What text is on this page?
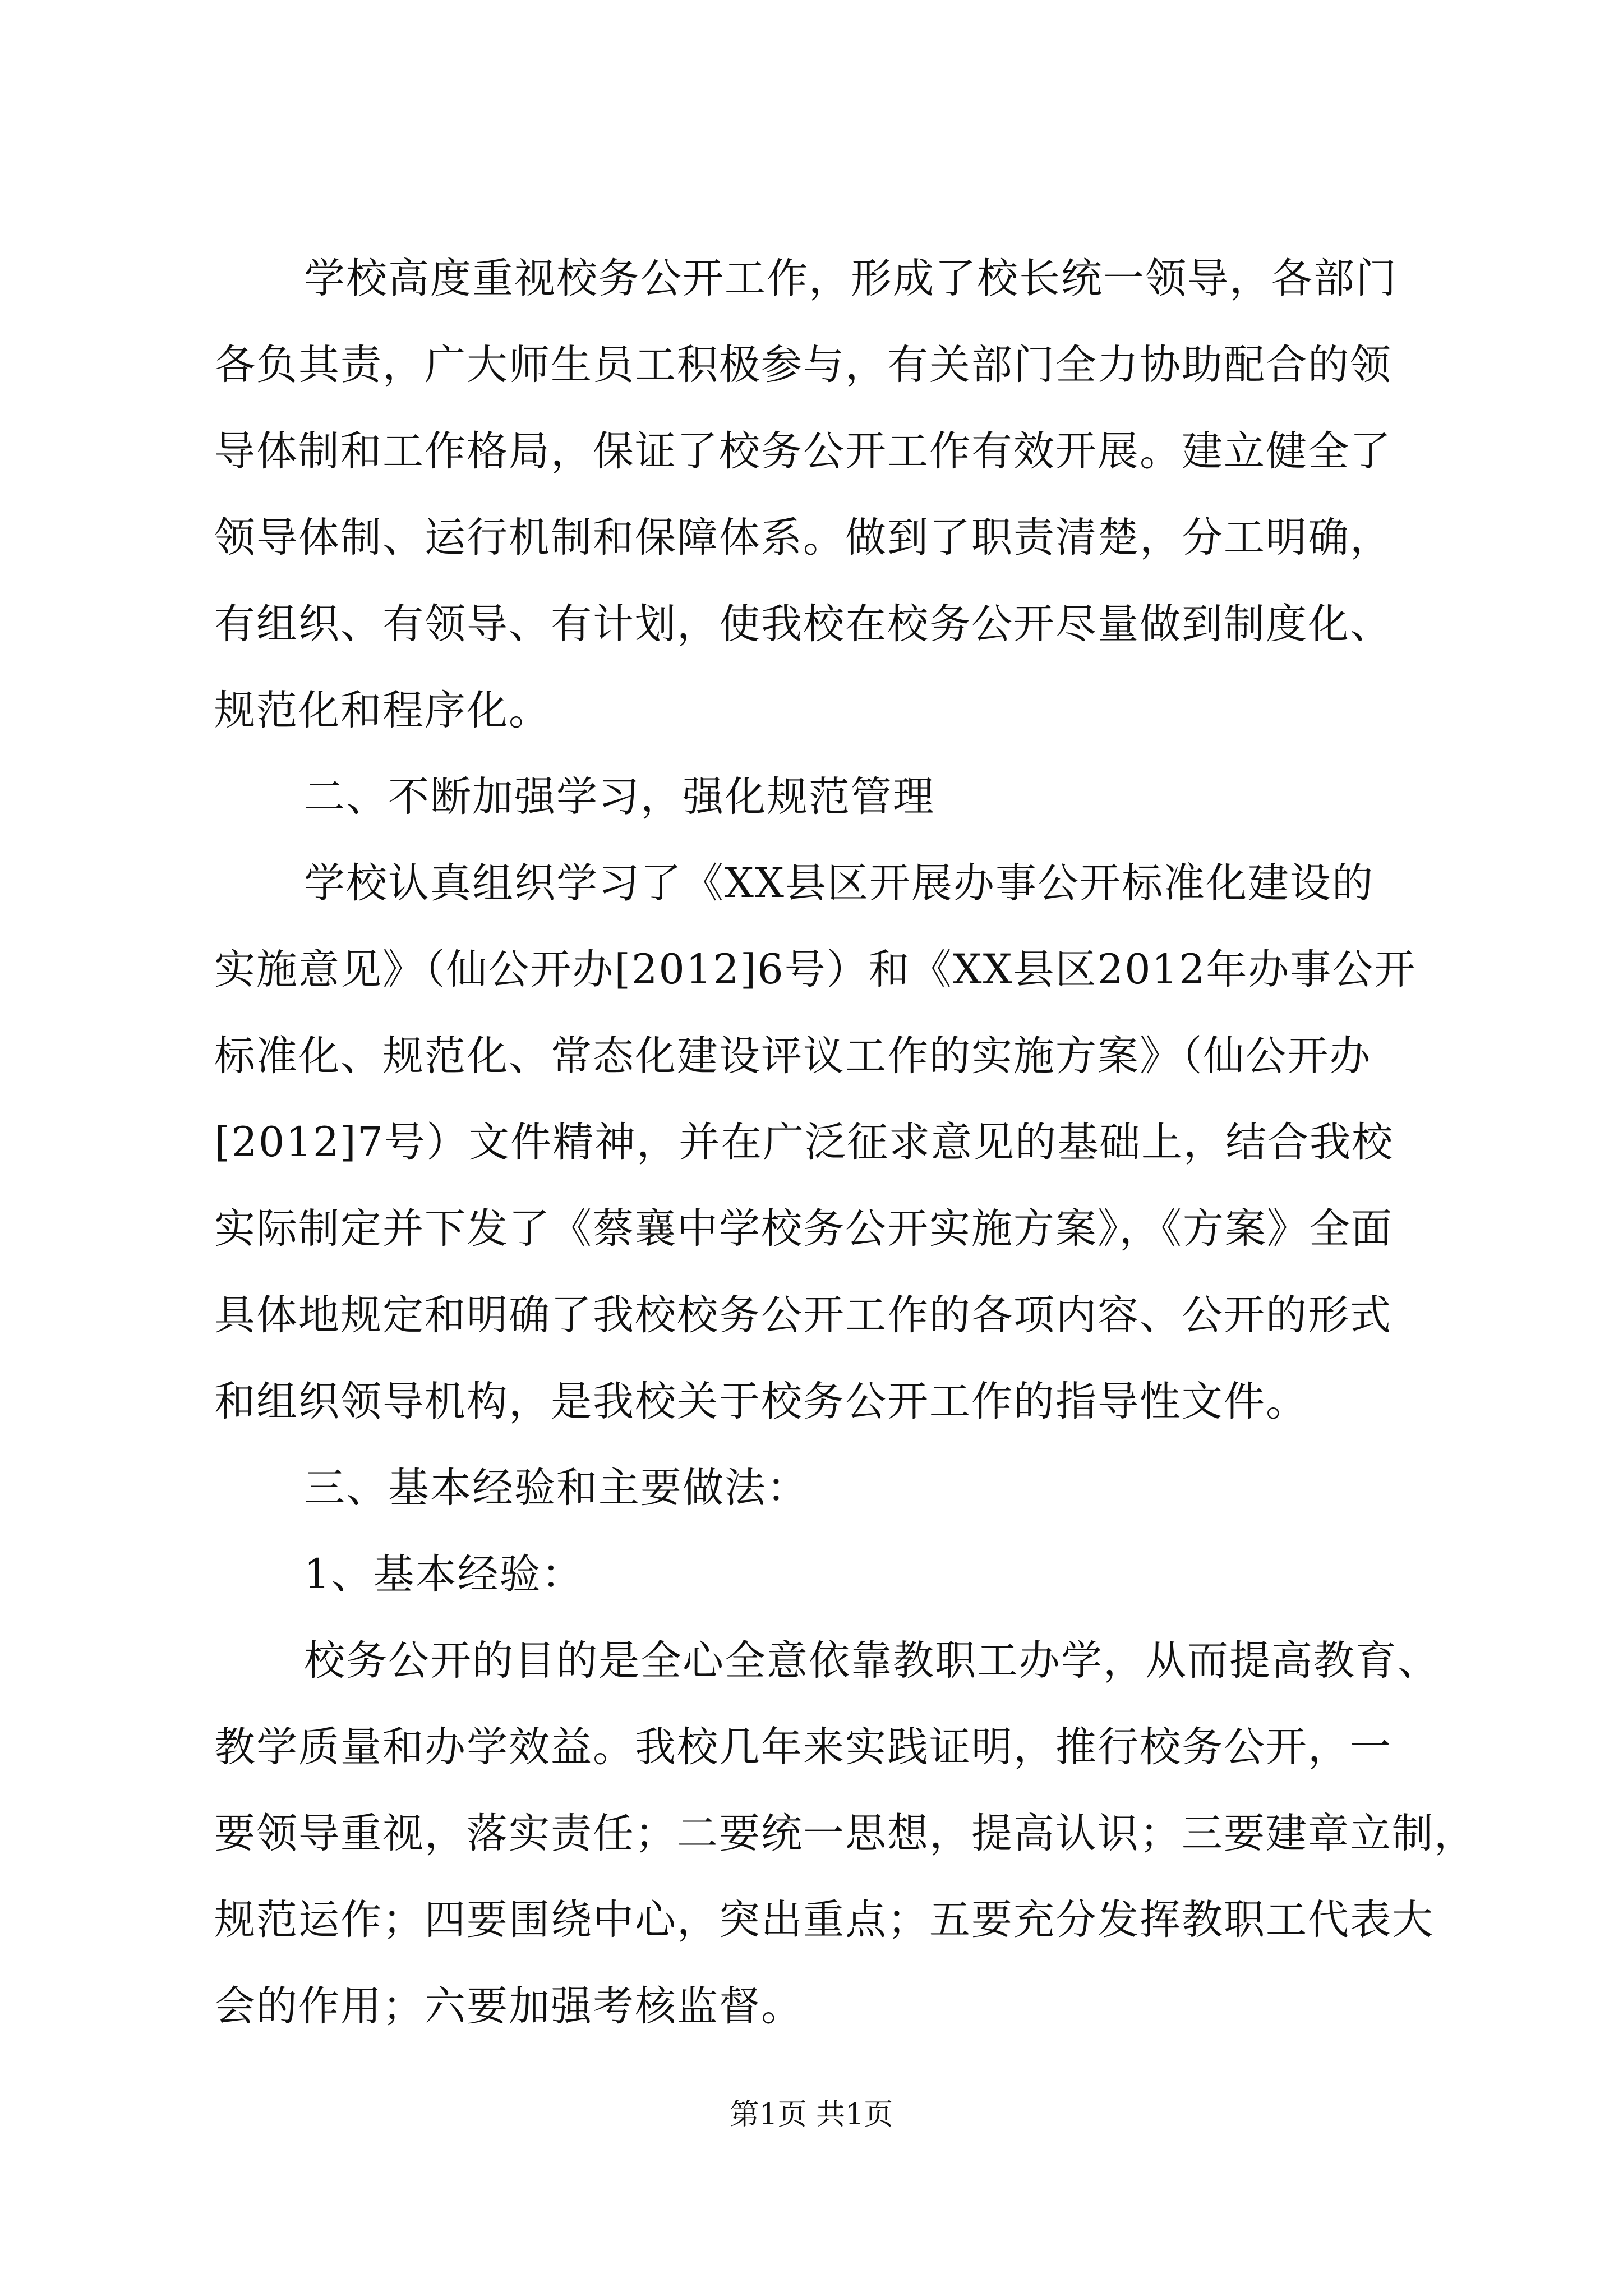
学校高度重视校务公开工作，形成了校长统一领导，各部门
各负其责，广大师生员工积极参与，有关部门全力协助配合的领
导体制和工作格局，保证了校务公开工作有效开展。建立健全了
领导体制、运行机制和保障体系。做到了职责清楚，分工明确，
有组织、有领导、有计划，使我校在校务公开尽量做到制度化、
规范化和程序化。
二、不断加强学习，强化规范管理
学校认真组织学习了《XX县区开展办事公开标准化建设的
实施意见》（仙公开办[2012]6号）和《XX县区2012年办事公开
标准化、规范化、常态化建设评议工作的实施方案》（仙公开办
[2012]7号）文件精神，并在广泛征求意见的基础上，结合我校
实际制定并下发了《蔡襄中学校务公开实施方案》，《方案》全面
具体地规定和明确了我校校务公开工作的各项内容、公开的形式
和组织领导机构，是我校关于校务公开工作的指导性文件。
三、基本经验和主要做法：
1、基本经验：
校务公开的目的是全心全意依靠教职工办学，从而提高教育、
教学质量和办学效益。我校几年来实践证明，推行校务公开，一
要领导重视，落实责任；二要统一思想，提高认识；三要建章立制，
规范运作；四要围绕中心，突出重点；五要充分发挥教职工代表大
会的作用；六要加强考核监督。
第1页 共1页
